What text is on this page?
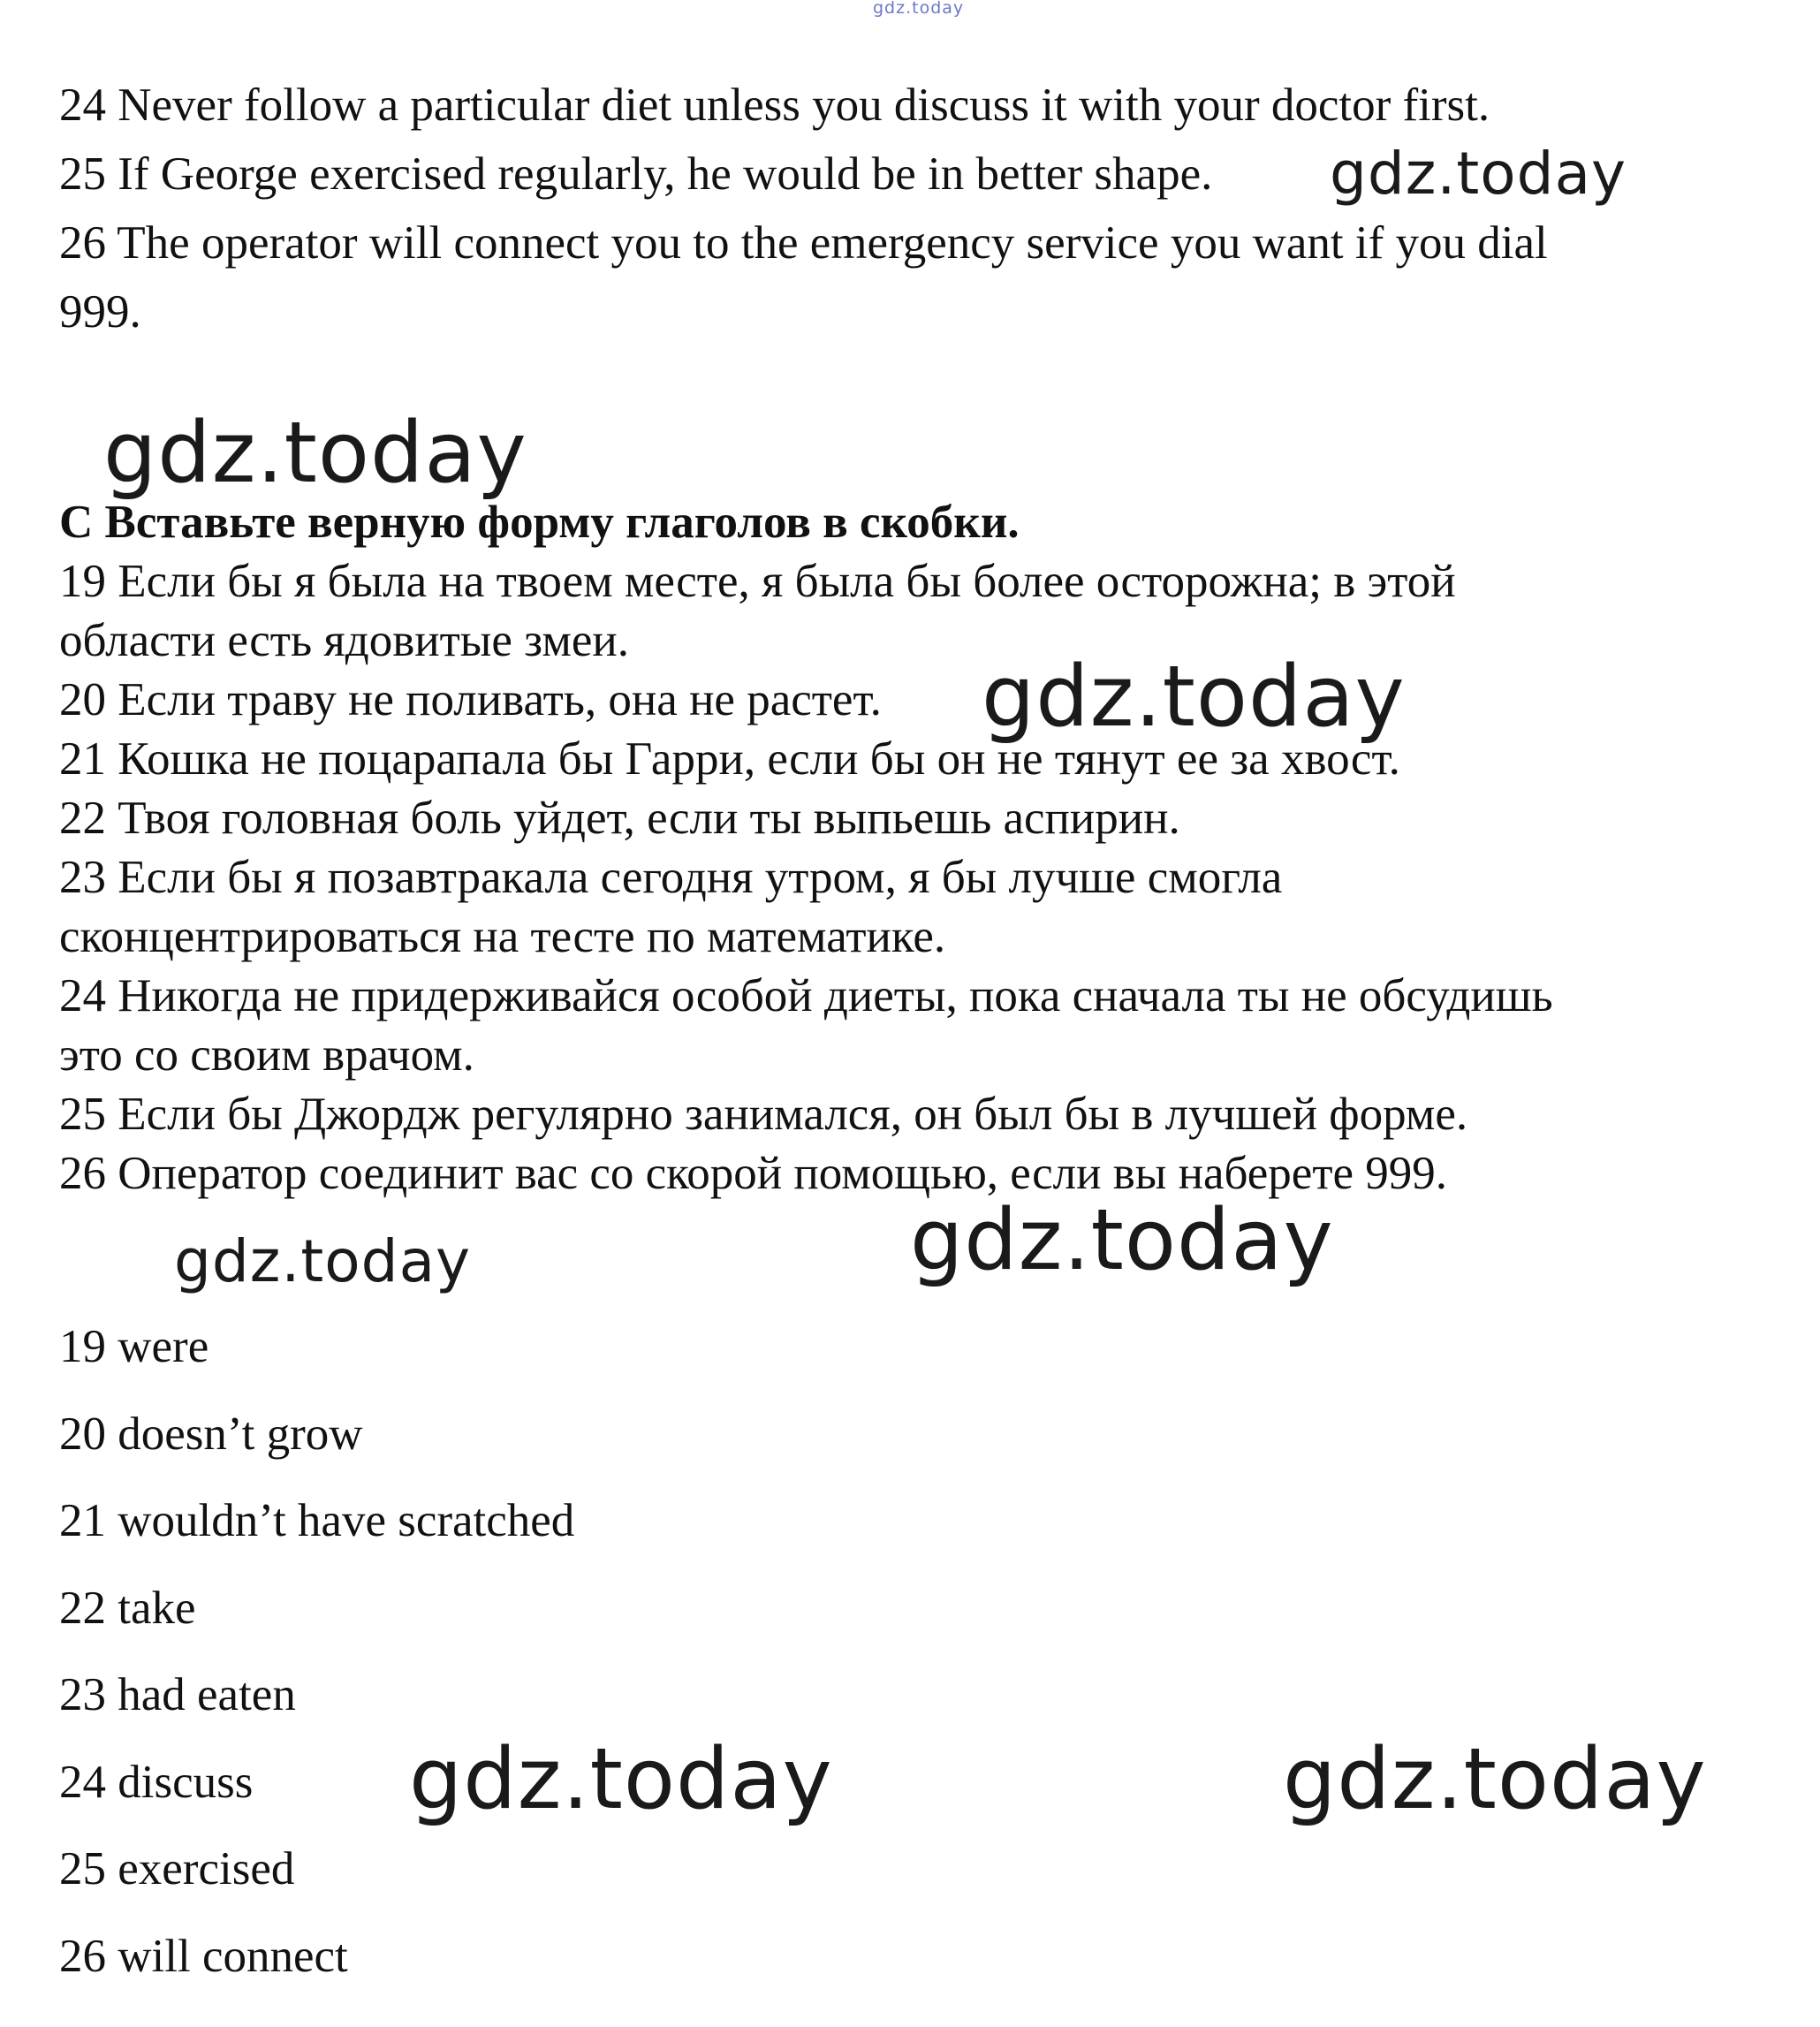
gdz.today

24 Never follow a particular diet unless you discuss it with your doctor first.

25 If George exercised regularly, he would be in better shape. gdz.today

26 The operator will connect you to the emergency service you want if you dial

999.

gdz.today

C Вставьте верную форму глаголов в скобки.

19 Если бы я была на твоем месте, я была бы более осторожна; в этой

области есть ядовитые змеи.

20 Если траву не поливать, она не растет. gdz.today

21 Кошка не поцарапала бы Гарри, если бы он не тянут ее за хвост.

22 Твоя головная боль уйдет, если ты выпьешь аспирин.

23 Если бы я позавтракала сегодня утром, я бы лучше смогла

сконцентрироваться на тесте по математике.

24 Никогда не придерживайся особой диеты, пока сначала ты не обсудишь

это со своим врачом.

25 Если бы Джордж регулярно занимался, он был бы в лучшей форме.

26 Оператор соединит вас со скорой помощью, если вы наберете 999.

gdz.today	gdz.today

19 were

20 doesn’t grow

21 wouldn’t have scratched

22 take

23 had eaten

24 discuss

25 exercised

26 will connect

gdz.today	gdz.today
